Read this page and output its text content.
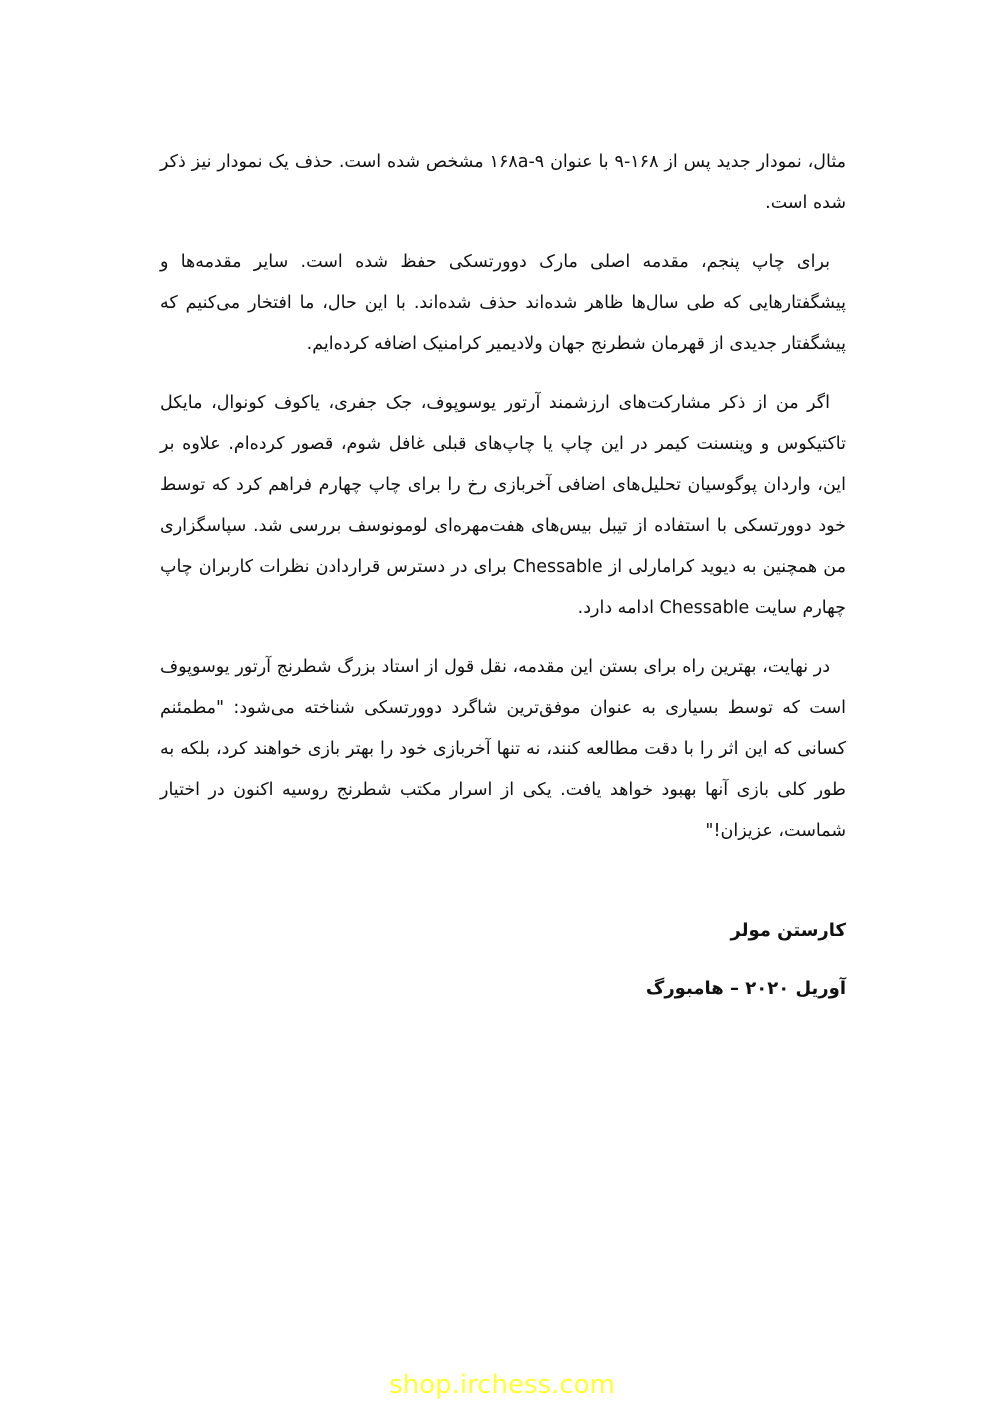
مثال، نمودار جدید پس از ۱۶۸-۹ با عنوان ۱۶۸a-۹ مشخص شده است. حذف یک نمودار نیز ذکر شده است.

برای چاپ پنجم، مقدمه اصلی مارک دوورتسکی حفظ شده است. سایر مقدمه‌ها و پیشگفتارهایی که طی سال‌ها ظاهر شده‌اند حذف شده‌اند. با این حال، ما افتخار می‌کنیم که پیشگفتار جدیدی از قهرمان شطرنج جهان ولادیمیر کرامنیک اضافه کرده‌ایم.

اگر من از ذکر مشارکت‌های ارزشمند آرتور یوسوپوف، جک جفری، یاکوف کونوال، مایکل تاکتیکوس و وینسنت کیمر در این چاپ یا چاپ‌های قبلی غافل شوم، قصور کرده‌ام. علاوه بر این، واردان پوگوسیان تحلیل‌های اضافی آخربازی رخ را برای چاپ چهارم فراهم کرد که توسط خود دوورتسکی با استفاده از تیبل بیس‌های هفت‌مهره‌ای لومونوسف بررسی شد. سپاسگزاری من همچنین به دیوید کرامارلی از Chessable برای در دسترس قراردادن نظرات کاربران چاپ چهارم سایت Chessable ادامه دارد.

در نهایت، بهترین راه برای بستن این مقدمه، نقل قول از استاد بزرگ شطرنج آرتور یوسوپوف است که توسط بسیاری به عنوان موفق‌ترین شاگرد دوورتسکی شناخته می‌شود: "مطمئنم کسانی که این اثر را با دقت مطالعه کنند، نه تنها آخربازی خود را بهتر بازی خواهند کرد، بلکه به طور کلی بازی آنها بهبود خواهد یافت. یکی از اسرار مکتب شطرنج روسیه اکنون در اختیار شماست، عزیزان!"

کارستن مولر
آوریل ۲۰۲۰ – هامبورگ
shop.irchess.com
